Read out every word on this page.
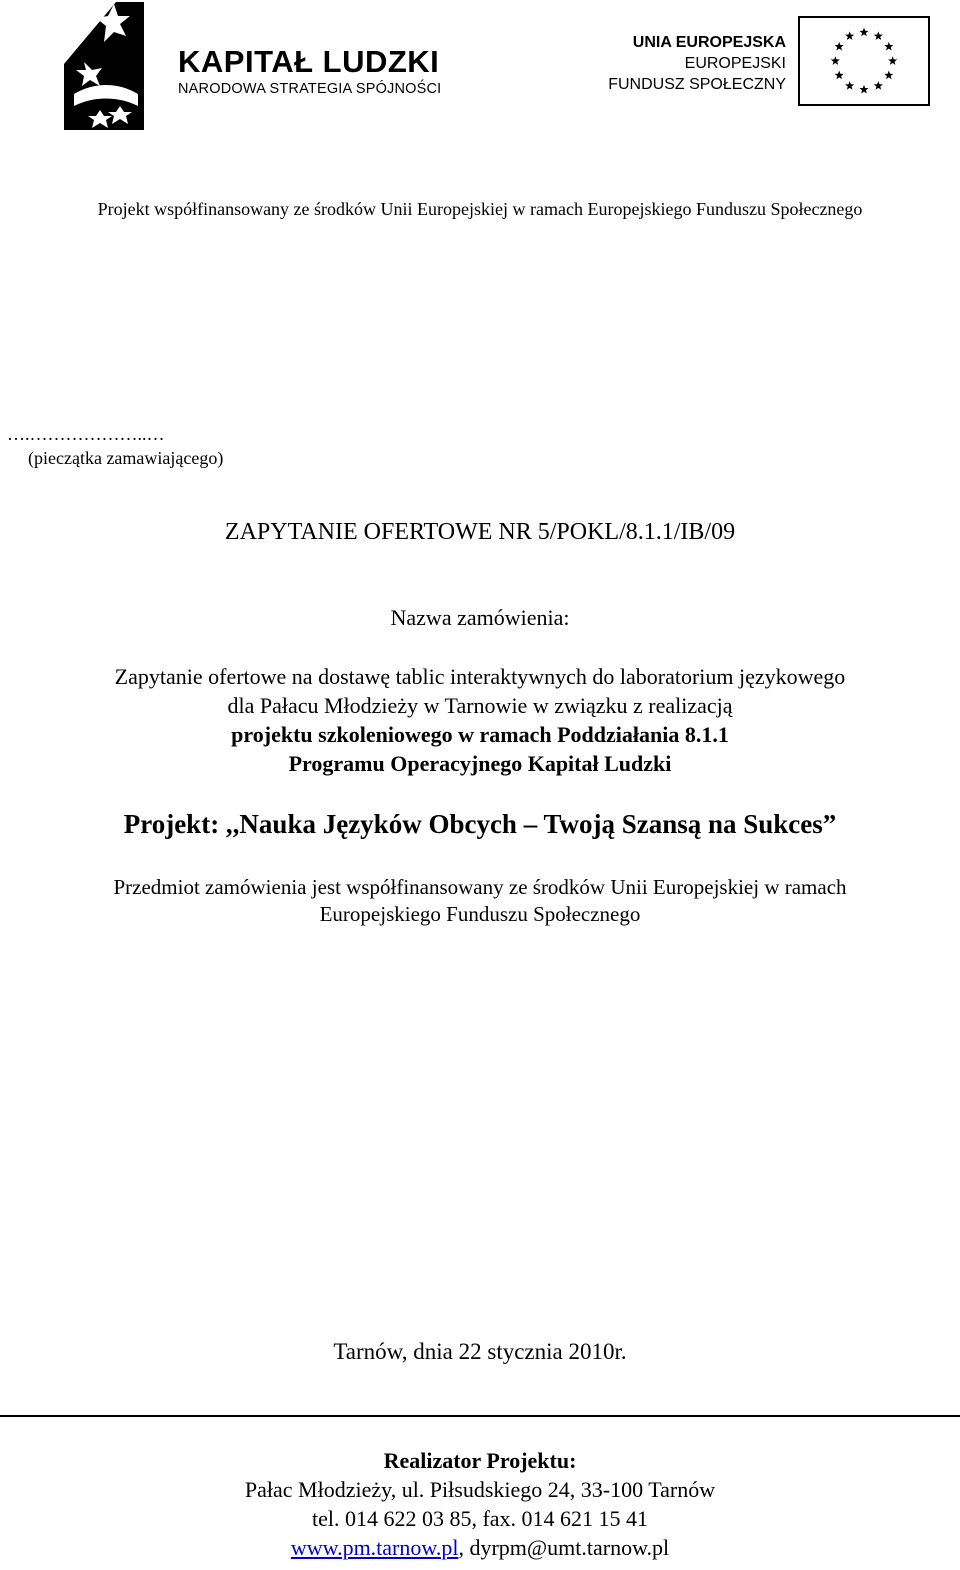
KAPITAŁ LUDZKI
NARODOWA STRATEGIA SPÓJNOŚCI
UNIA EUROPEJSKA
EUROPEJSKI
FUNDUSZ SPOŁECZNY
Projekt współfinansowany ze środków Unii Europejskiej w ramach Europejskiego Funduszu Społecznego
….………………..…
(pieczątka zamawiającego)
ZAPYTANIE OFERTOWE NR 5/POKL/8.1.1/IB/09
Nazwa zamówienia:
Zapytanie ofertowe na dostawę tablic interaktywnych do laboratorium językowego
dla Pałacu Młodzieży w Tarnowie w związku z realizacją
projektu szkoleniowego w ramach Poddziałania 8.1.1
Programu Operacyjnego Kapitał Ludzki
Projekt: ,,Nauka Języków Obcych – Twoją Szansą na Sukces”
Przedmiot zamówienia jest współfinansowany ze środków Unii Europejskiej w ramach
Europejskiego Funduszu Społecznego
Tarnów, dnia 22 stycznia 2010r.
Realizator Projektu:
Pałac Młodzieży, ul. Piłsudskiego 24, 33-100 Tarnów
tel. 014 622 03 85, fax. 014 621 15 41
www.pm.tarnow.pl, dyrpm@umt.tarnow.pl
